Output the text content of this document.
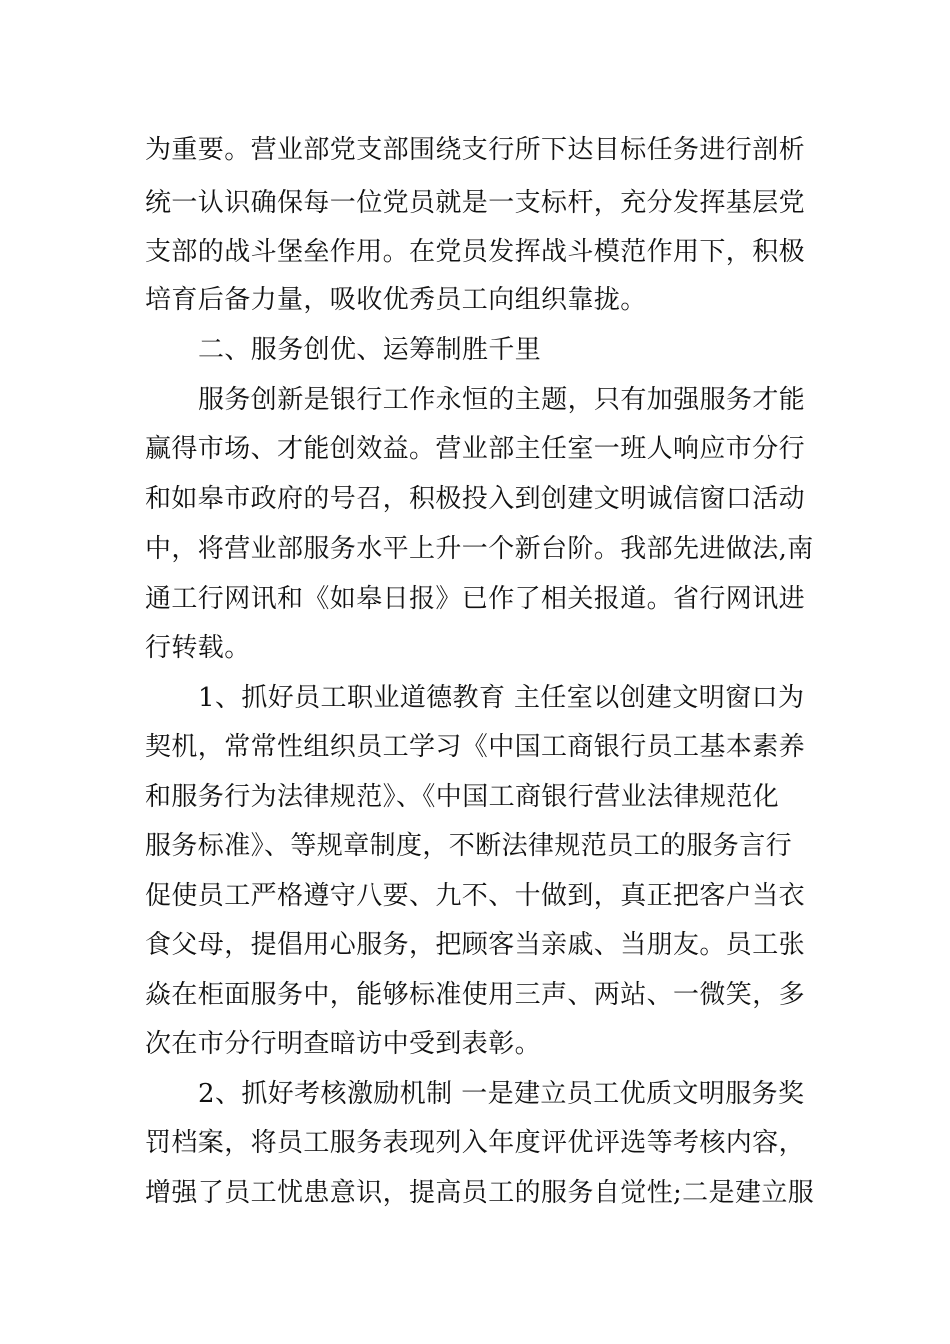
为重要。营业部党支部围绕支行所下达目标任务进行剖析
统一认识确保每一位党员就是一支标杆，充分发挥基层党
支部的战斗堡垒作用。在党员发挥战斗模范作用下，积极
培育后备力量，吸收优秀员工向组织靠拢。
二、服务创优、运筹制胜千里
服务创新是银行工作永恒的主题，只有加强服务才能
赢得市场、才能创效益。营业部主任室一班人响应市分行
和如皋市政府的号召，积极投入到创建文明诚信窗口活动
中，将营业部服务水平上升一个新台阶。我部先进做法,南
通工行网讯和《如皋日报》已作了相关报道。省行网讯进
行转载。
1、抓好员工职业道德教育 主任室以创建文明窗口为
契机，常常性组织员工学习《中国工商银行员工基本素养
和服务行为法律规范》、《中国工商银行营业法律规范化
服务标准》、等规章制度，不断法律规范员工的服务言行
促使员工严格遵守八要、九不、十做到，真正把客户当衣
食父母，提倡用心服务，把顾客当亲戚、当朋友。员工张
焱在柜面服务中，能够标准使用三声、两站、一微笑，多
次在市分行明查暗访中受到表彰。
2、抓好考核激励机制 一是建立员工优质文明服务奖
罚档案，将员工服务表现列入年度评优评选等考核内容，
增强了员工忧患意识，提高员工的服务自觉性;二是建立服
